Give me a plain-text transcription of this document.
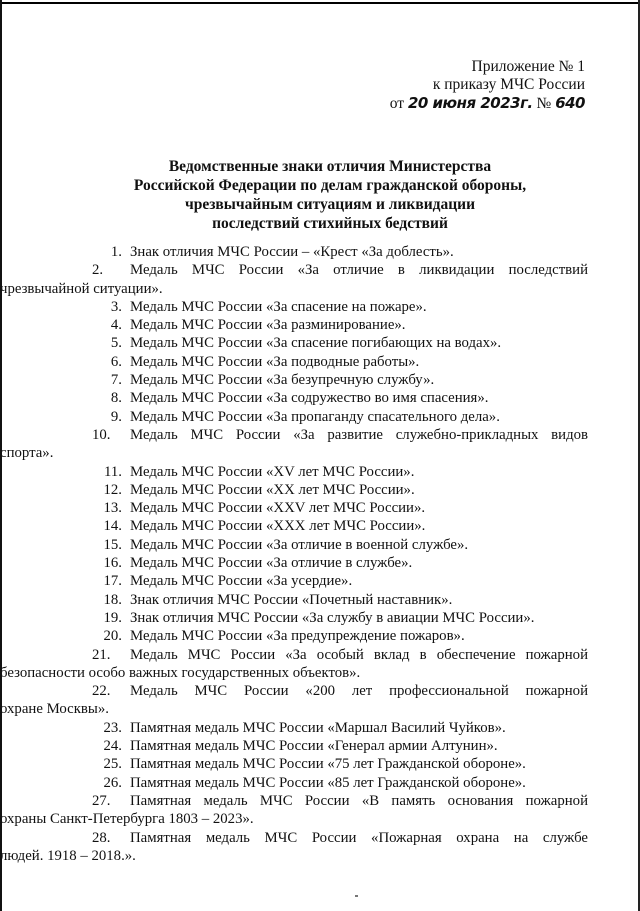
Приложение № 1
к приказу МЧС России
от 20 июня 2023г. № 640
Ведомственные знаки отличия Министерства
Российской Федерации по делам гражданской обороны,
чрезвычайным ситуациям и ликвидации
последствий стихийных бедствий
1. Знак отличия МЧС России – «Крест «За доблесть».
2. Медаль МЧС России «За отличие в ликвидации последствий
чрезвычайной ситуации».
3. Медаль МЧС России «За спасение на пожаре».
4. Медаль МЧС России «За разминирование».
5. Медаль МЧС России «За спасение погибающих на водах».
6. Медаль МЧС России «За подводные работы».
7. Медаль МЧС России «За безупречную службу».
8. Медаль МЧС России «За содружество во имя спасения».
9. Медаль МЧС России «За пропаганду спасательного дела».
10. Медаль МЧС России «За развитие служебно-прикладных видов
спорта».
11. Медаль МЧС России «XV лет МЧС России».
12. Медаль МЧС России «XX лет МЧС России».
13. Медаль МЧС России «XXV лет МЧС России».
14. Медаль МЧС России «XXX лет МЧС России».
15. Медаль МЧС России «За отличие в военной службе».
16. Медаль МЧС России «За отличие в службе».
17. Медаль МЧС России «За усердие».
18. Знак отличия МЧС России «Почетный наставник».
19. Знак отличия МЧС России «За службу в авиации МЧС России».
20. Медаль МЧС России «За предупреждение пожаров».
21. Медаль МЧС России «За особый вклад в обеспечение пожарной
безопасности особо важных государственных объектов».
22. Медаль МЧС России «200 лет профессиональной пожарной
охране Москвы».
23. Памятная медаль МЧС России «Маршал Василий Чуйков».
24. Памятная медаль МЧС России «Генерал армии Алтунин».
25. Памятная медаль МЧС России «75 лет Гражданской обороне».
26. Памятная медаль МЧС России «85 лет Гражданской обороне».
27. Памятная медаль МЧС России «В память основания пожарной
охраны Санкт-Петербурга 1803 – 2023».
28. Памятная медаль МЧС России «Пожарная охрана на службе
людей. 1918 – 2018.».
